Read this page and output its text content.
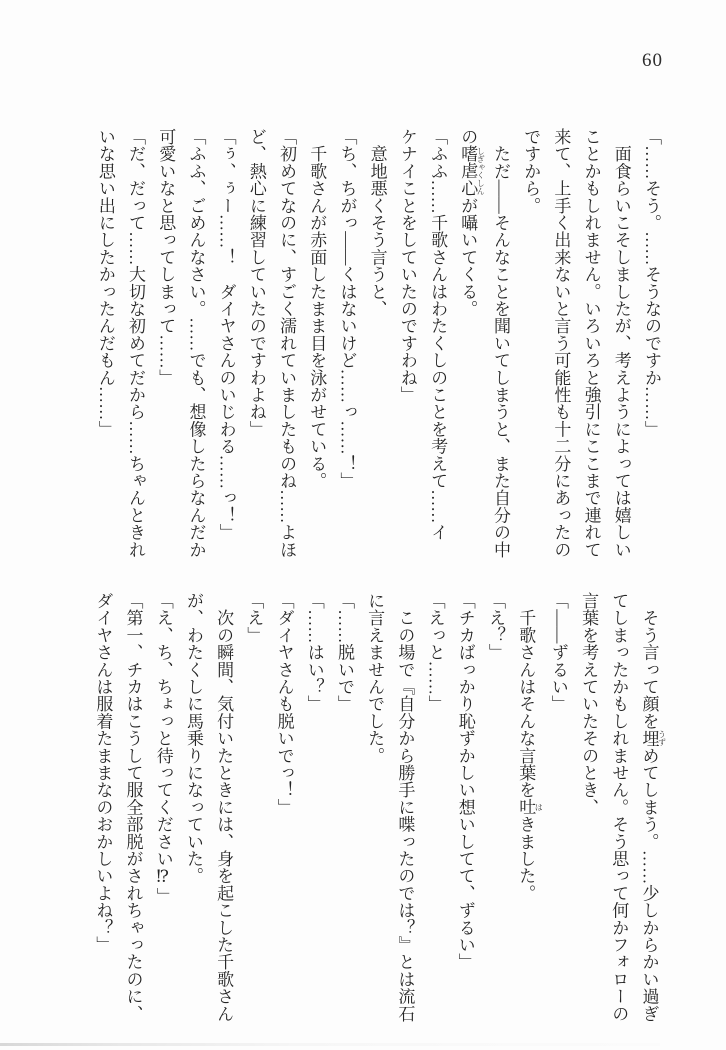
60
「……そう。……そうなのですか……」
　面食らいこそしましたが、考えようによっては嬉しい
ことかもしれません。いろいろと強引にここまで連れて
来て、上手く出来ないと言う可能性も十二分にあったの
ですから。
　ただ――そんなことを聞いてしまうと、また自分の中
の嗜虐心 しぎゃくしんが囁いてくる。
「ふふ……千歌さんはわたくしのことを考えて……イ
ケナイことをしていたのですわね」
　意地悪くそう言うと、
「ち、ちがっ――くはないけど……っ……！」
　千歌さんが赤面したまま目を泳がせている。
「初めてなのに、すごく濡れていましたものね……よほ
ど、熱心に練習していたのですわよね」
「ぅ、ぅー……！　ダイヤさんのいじわる……っ！」
「ふふ、ごめんなさい。……でも、想像したらなんだか
可愛いなと思ってしまって……」
「だ、だって……大切な初めてだから……ちゃんときれ
いな思い出にしたかったんだもん……」
　そう言って顔を埋 うずめてしまう。……少しからかい過ぎ
てしまったかもしれません。そう思って何かフォローの
言葉を考えていたそのとき、
「――ずるい」
　千歌さんはそんな言葉を吐 はきました。
「え？」
「チカばっかり恥ずかしい想いしてて、ずるい」
「えっと……」
　この場で『自分から勝手に喋ったのでは？』とは流石
に言えませんでした。
「……脱いで」
「……はい？」
「ダイヤさんも脱いでっ！」
「え」
　次の瞬間、気付いたときには、身を起こした千歌さん
が、わたくしに馬乗りになっていた。
「え、ち、ちょっと待ってください⁉」
「第一、チカはこうして服全部脱がされちゃったのに、
ダイヤさんは服着たままなのおかしいよね？」
